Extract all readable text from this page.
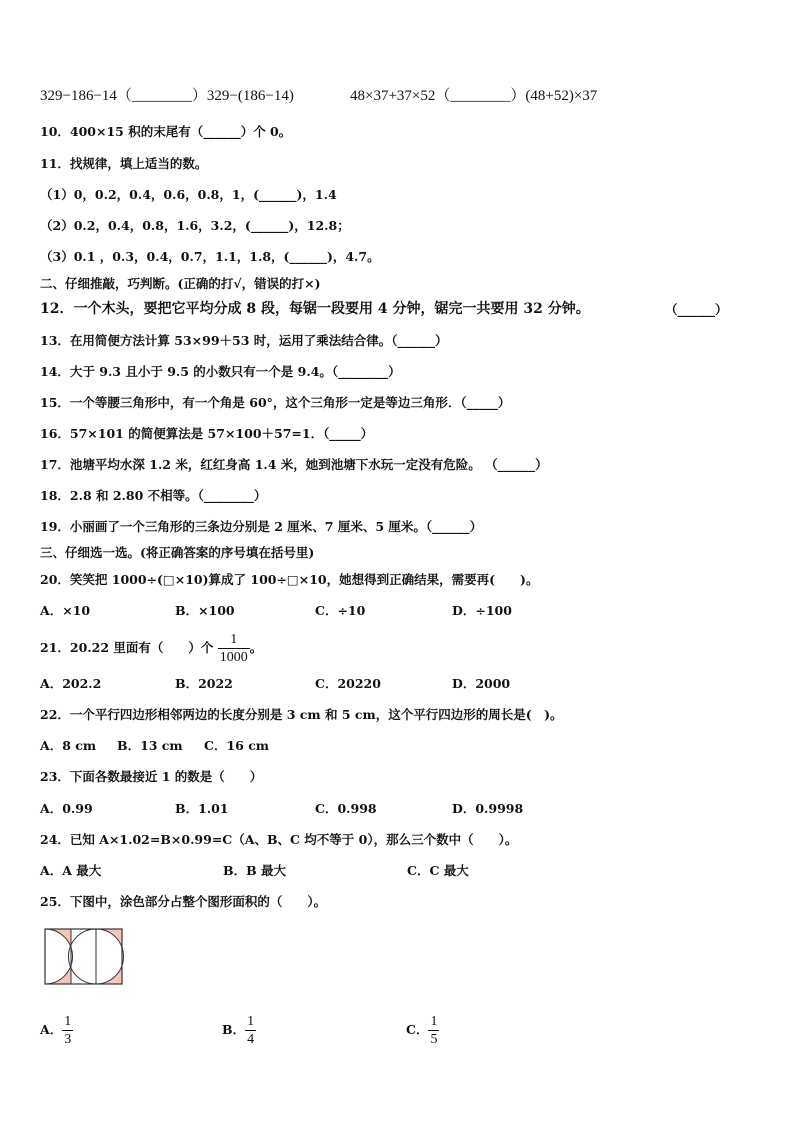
329−186−14（________）329−(186−14)	48×37+37×52（________）(48+52)×37
10．400×15 积的末尾有（______）个 0。
11．找规律，填上适当的数。
（1）0，0.2，0.4，0.6，0.8，1，(______)，1.4
（2）0.2，0.4，0.8，1.6，3.2，(______)，12.8；
（3）0.1 ，0.3，0.4，0.7，1.1，1.8，(______)，4.7。
二、仔细推敲，巧判断。(正确的打√，错误的打×)
12．一个木头，要把它平均分成 8 段，每锯一段要用 4 分钟，锯完一共要用 32 分钟。	（______）
13．在用简便方法计算 53×99＋53 时，运用了乘法结合律。（______）
14．大于 9.3 且小于 9.5 的小数只有一个是 9.4。（________）
15．一个等腰三角形中，有一个角是 60°，这个三角形一定是等边三角形．（_____）
16．57×101 的简便算法是 57×100＋57=1．（_____）
17．池塘平均水深 1.2 米，红红身高 1.4 米，她到池塘下水玩一定没有危险。 （______）
18．2.8 和 2.80 不相等。（________）
19．小丽画了一个三角形的三条边分别是 2 厘米、7 厘米、5 厘米。（______）
三、仔细选一选。(将正确答案的序号填在括号里)
20．笑笑把 1000÷(□×10)算成了 100÷□×10，她想得到正确结果，需要再(　　)。
A．×10	B．×100	C．÷10	D．÷100
21．20.22 里面有（　　）个 $\frac{1}{1000}$ 。
A．202.2	B．2022	C．20220	D．2000
22．一个平行四边形相邻两边的长度分别是 3 cm 和 5 cm，这个平行四边形的周长是(　)。
A．8 cm B．13 cm C．16 cm
23．下面各数最接近 1 的数是（　　）
A．0.99	B．1.01	C．0.998	D．0.9998
24．已知 A×1.02=B×0.99=C（A、B、C 均不等于 0），那么三个数中（　　）。
A．A 最大	B．B 最大	C．C 最大
25．下图中，涂色部分占整个图形面积的（　　）。
A． $\frac{1}{3}$	B． $\frac{1}{4}$	C． $\frac{1}{5}$
